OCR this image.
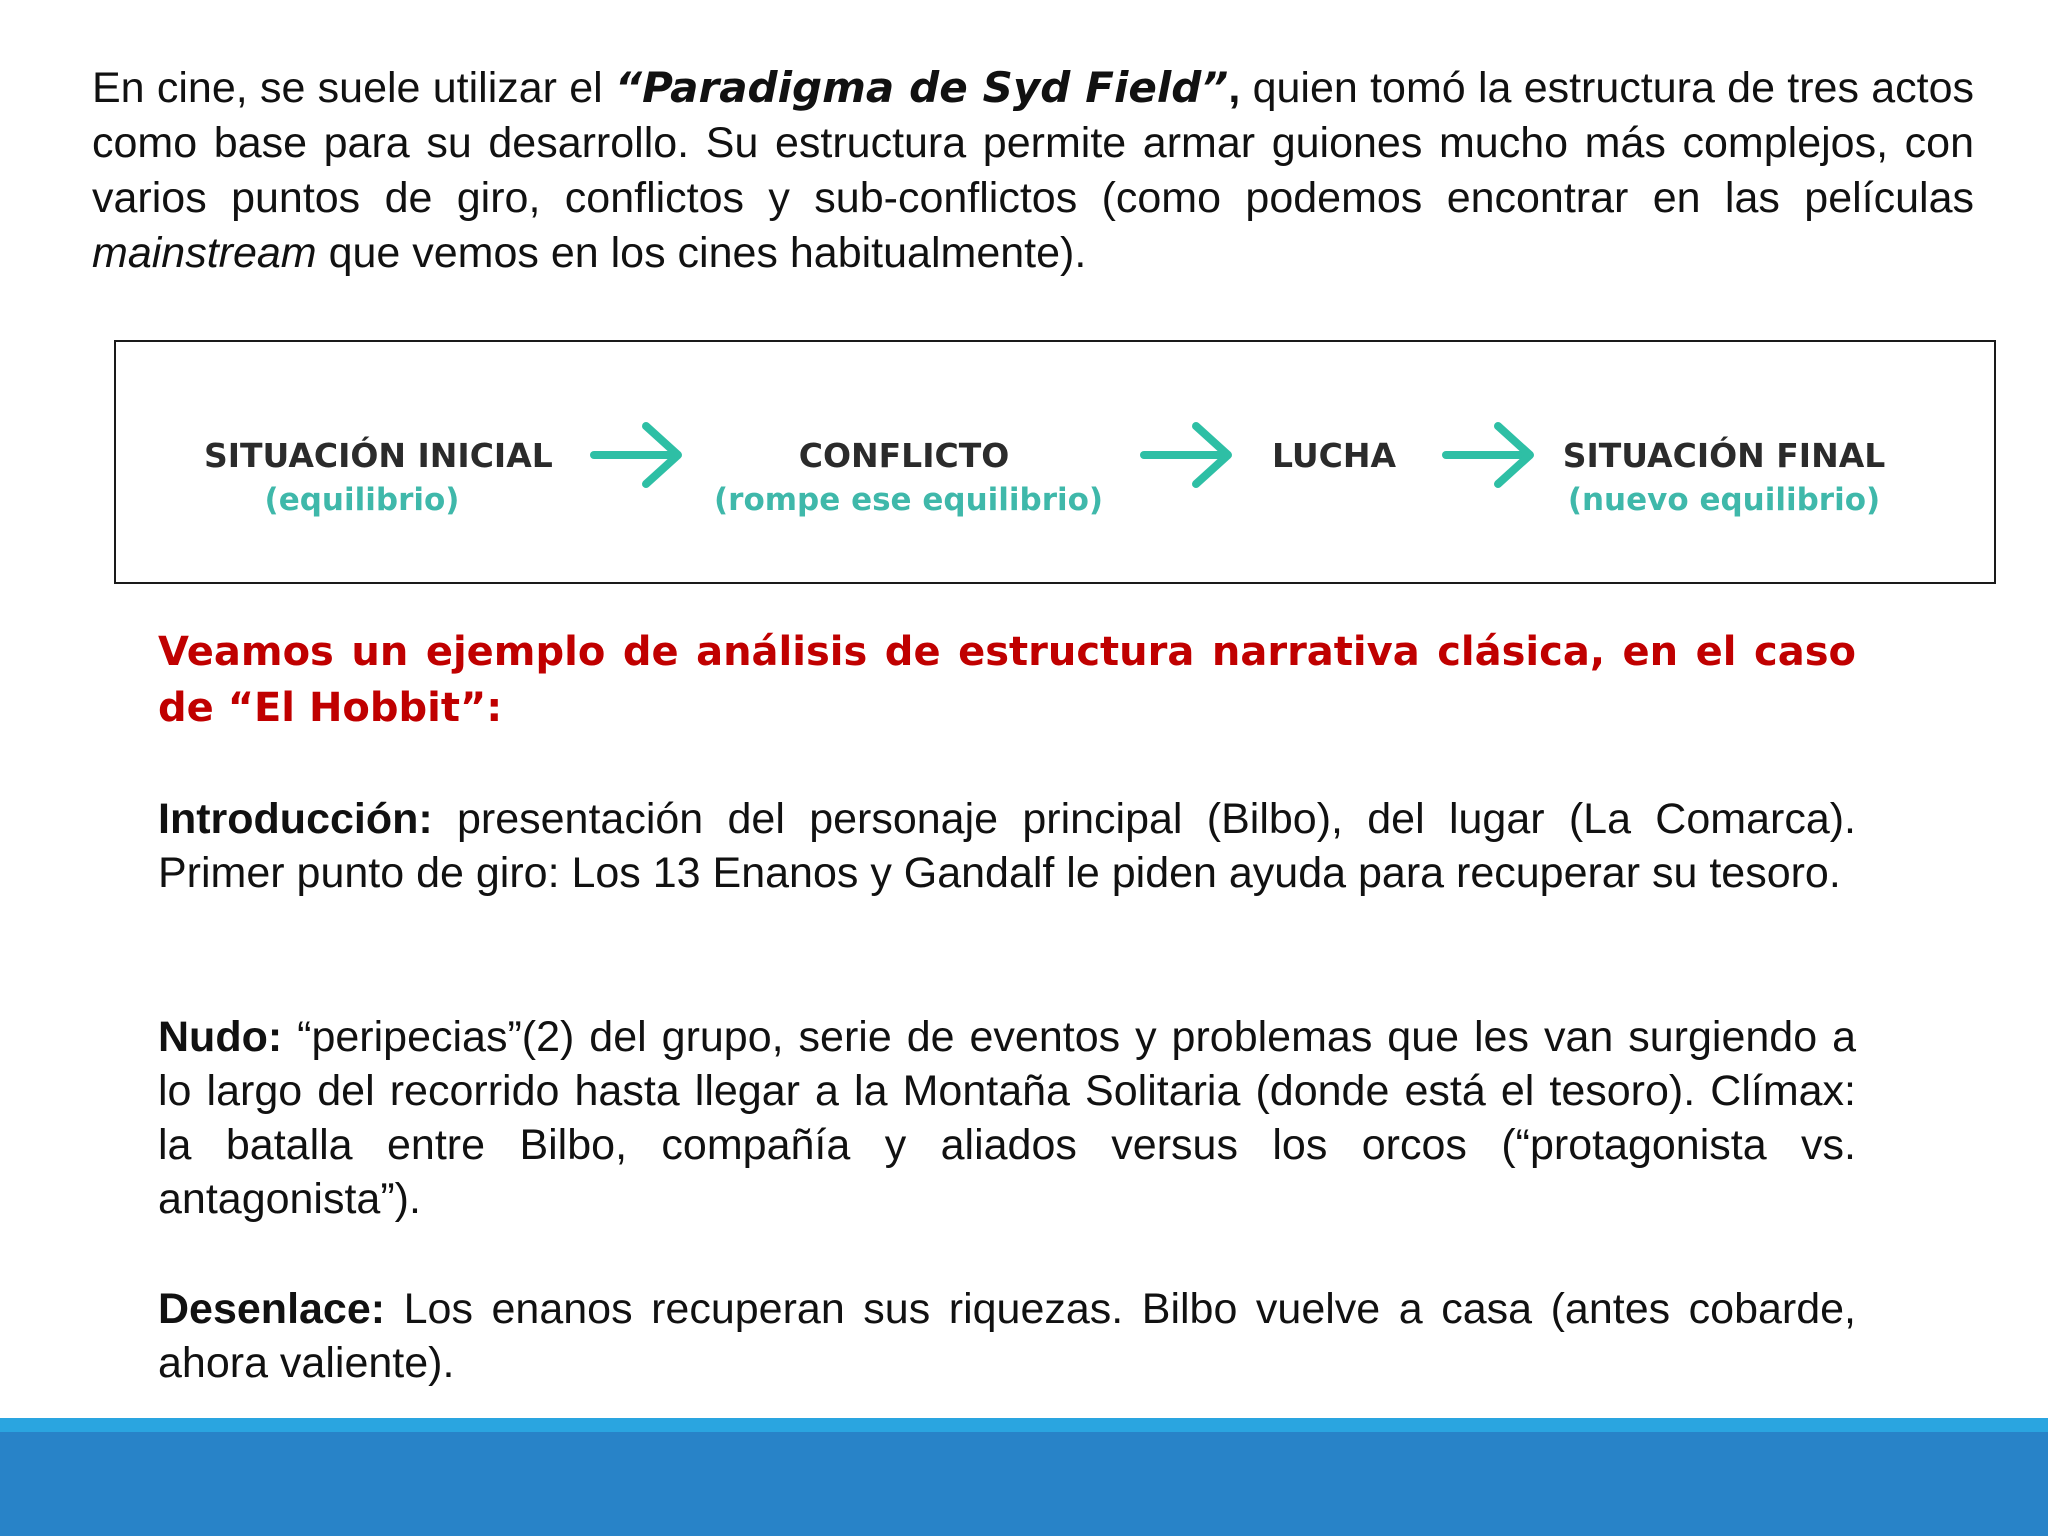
En cine, se suele utilizar el “Paradigma de Syd Field”, quien tomó la estructura de tres actos como base para su desarrollo. Su estructura permite armar guiones mucho más complejos, con varios puntos de giro, conflictos y sub-conflictos (como podemos encontrar en las películas mainstream que vemos en los cines habitualmente).

SITUACIÓN INICIAL
(equilibrio)
CONFLICTO
(rompe ese equilibrio)
LUCHA	SITUACIÓN FINAL
(nuevo equilibrio)

Veamos un ejemplo de análisis de estructura narrativa clásica, en el caso de “El Hobbit”:

Introducción: presentación del personaje principal (Bilbo), del lugar (La Comarca). Primer punto de giro: Los 13 Enanos y Gandalf le piden ayuda para recuperar su tesoro.

Nudo: “peripecias”(2) del grupo, serie de eventos y problemas que les van surgiendo a lo largo del recorrido hasta llegar a la Montaña Solitaria (donde está el tesoro). Clímax: la batalla entre Bilbo, compañía y aliados versus los orcos (“protagonista vs. antagonista”).

Desenlace: Los enanos recuperan sus riquezas. Bilbo vuelve a casa (antes cobarde, ahora valiente).
